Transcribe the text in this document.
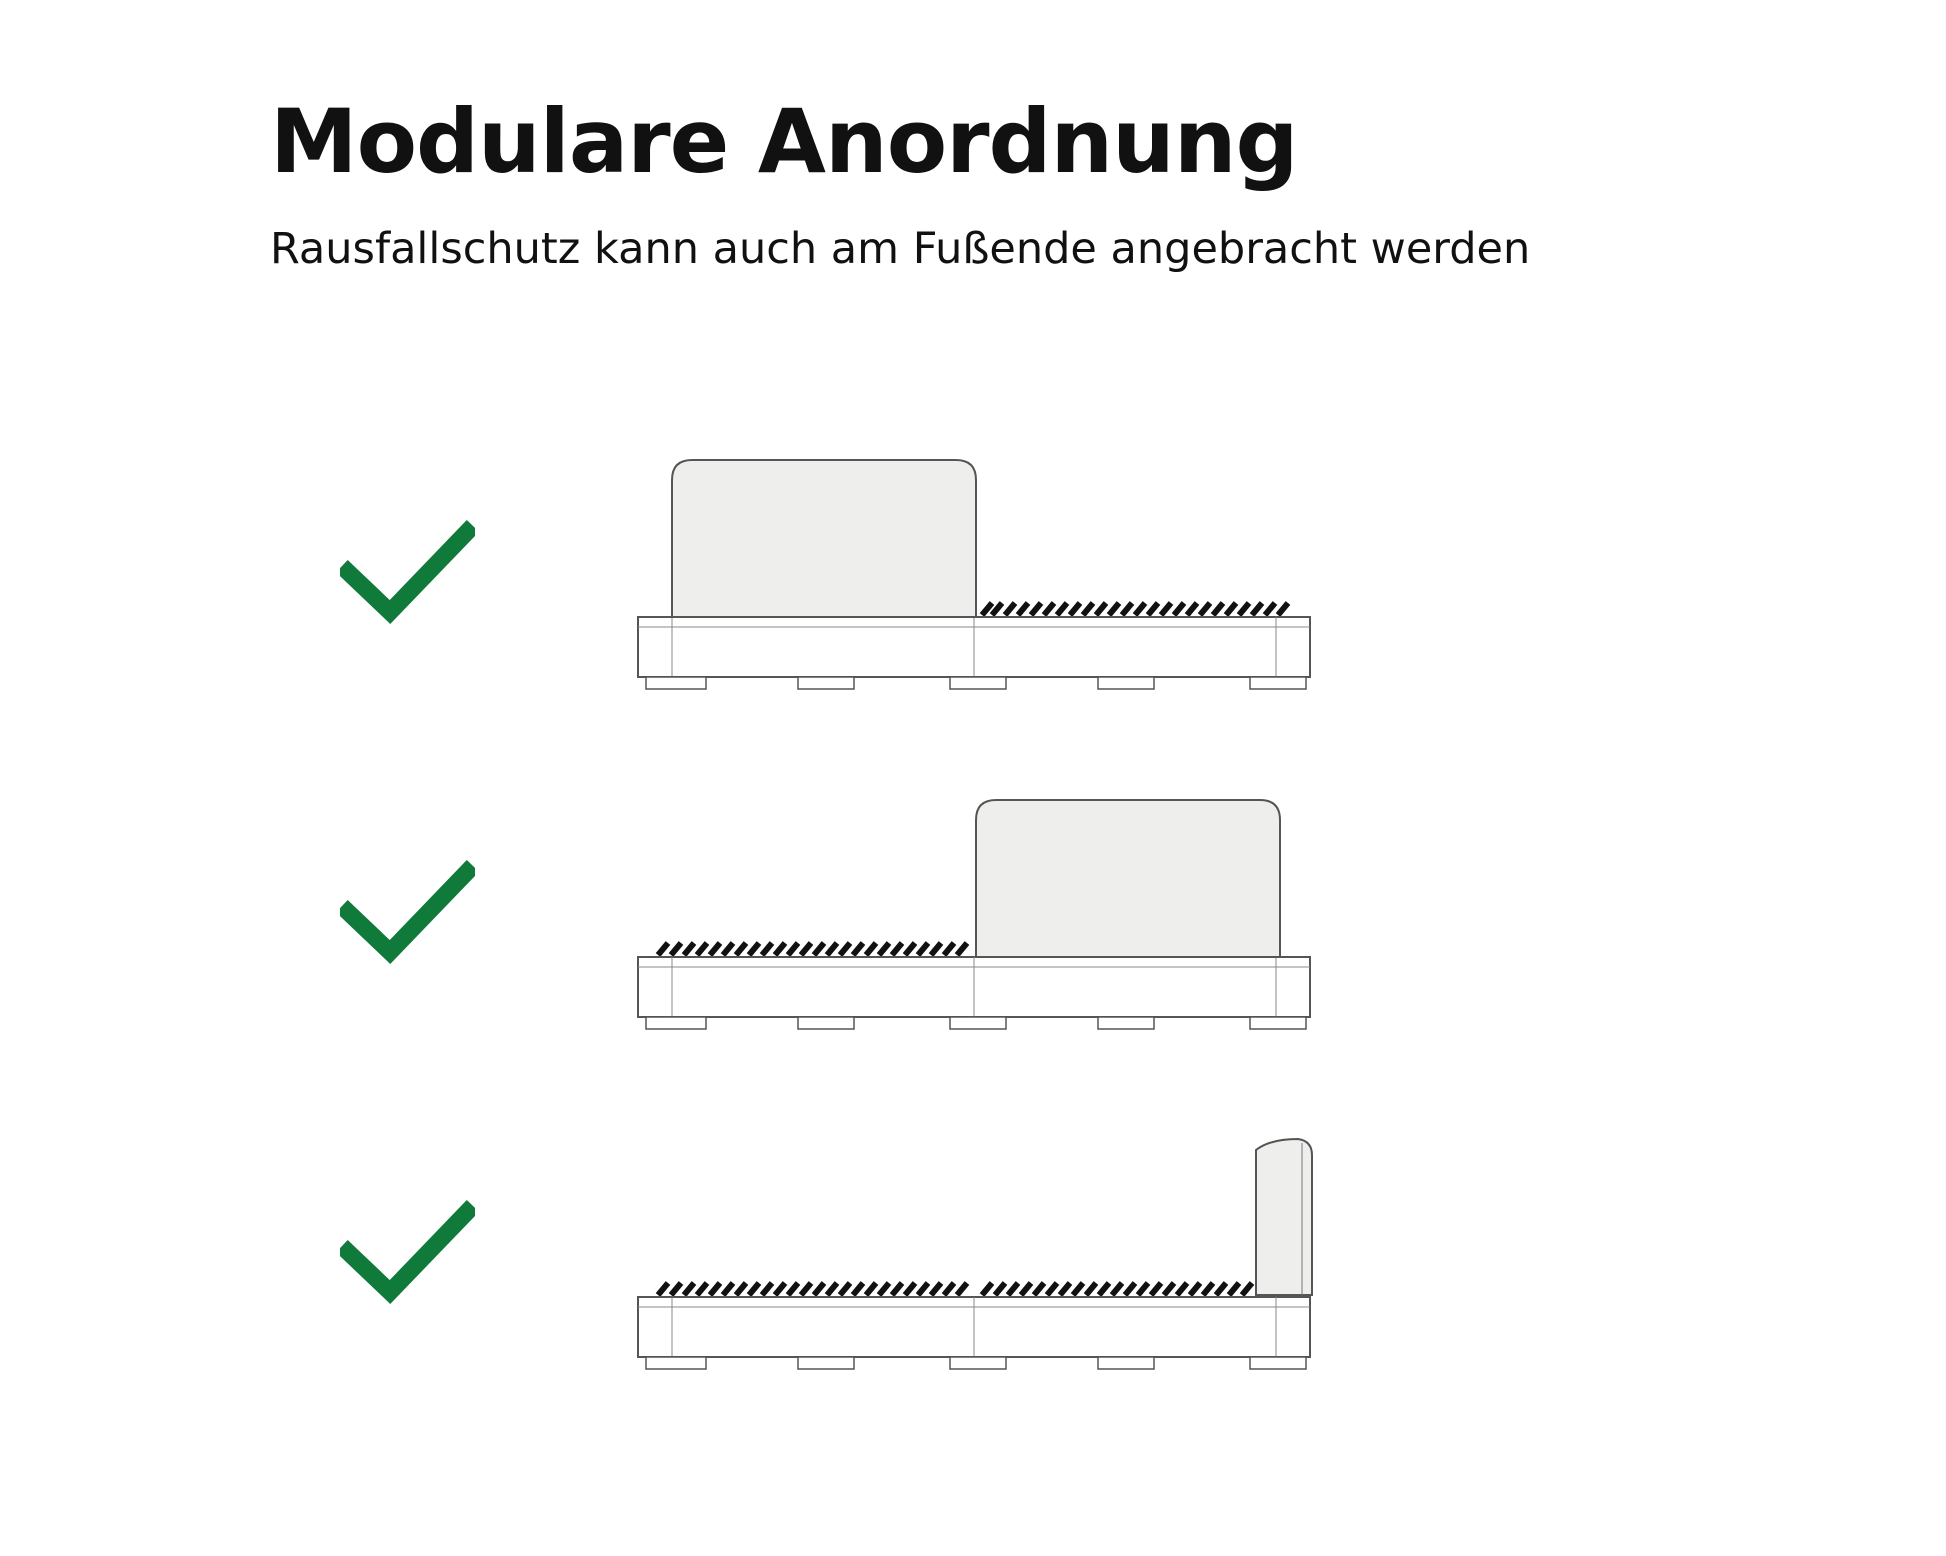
Modulare Anordnung

Rausfallschutz kann auch am Fußende angebracht werden
